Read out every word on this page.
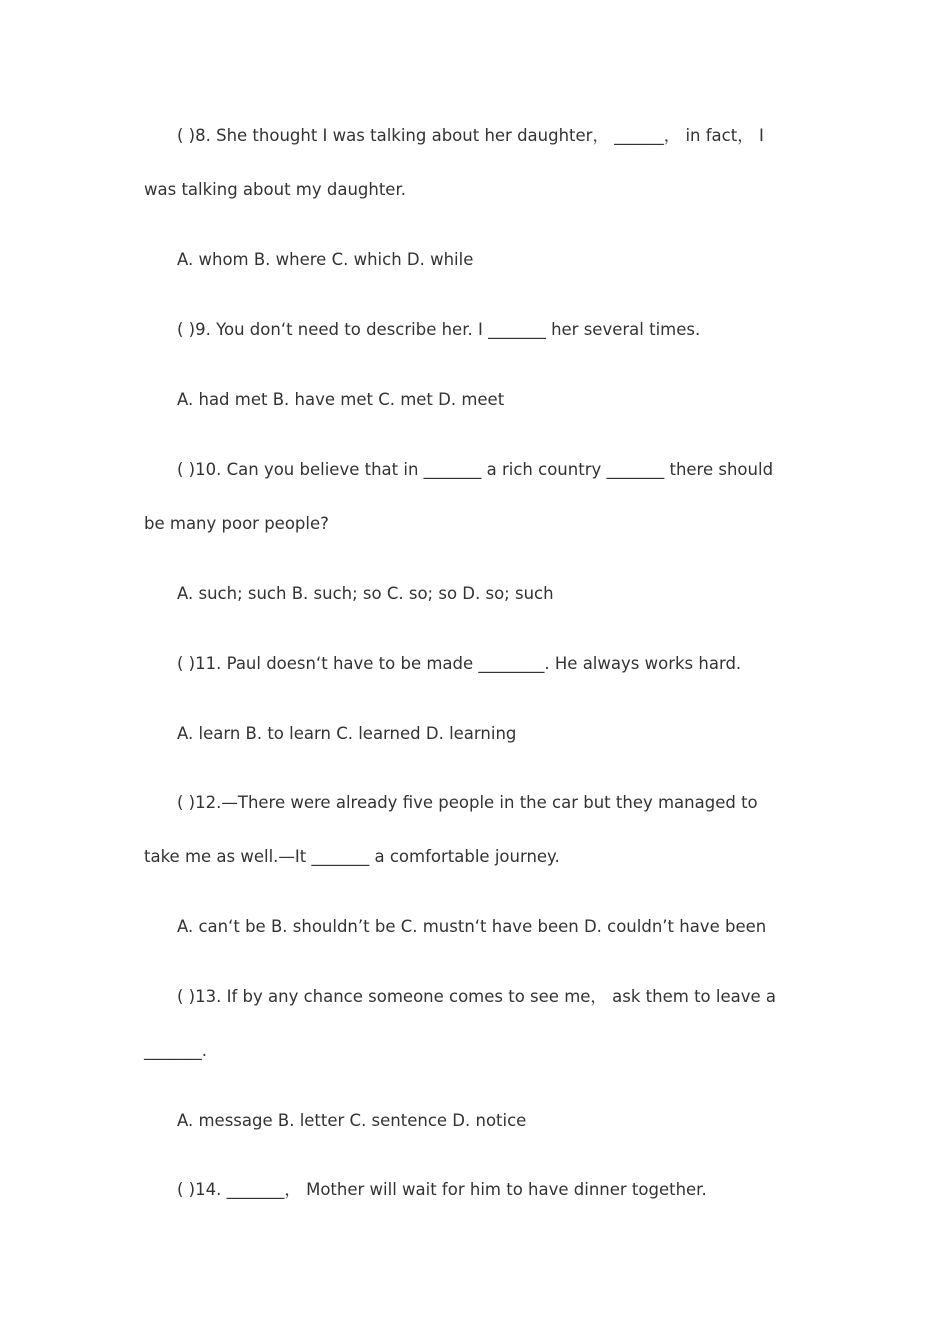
( )8. She thought I was talking about her daughter， ______， in fact， I
was talking about my daughter.
A. whom B. where C. which D. while
( )9. You don‘t need to describe her. I _______ her several times.
A. had met B. have met C. met D. meet
( )10. Can you believe that in _______ a rich country _______ there should
be many poor people?
A. such; such B. such; so C. so; so D. so; such
( )11. Paul doesn‘t have to be made ________. He always works hard.
A. learn B. to learn C. learned D. learning
( )12.—There were already five people in the car but they managed to
take me as well.—It _______ a comfortable journey.
A. can‘t be B. shouldn’t be C. mustn‘t have been D. couldn’t have been
( )13. If by any chance someone comes to see me， ask them to leave a
_______.
A. message B. letter C. sentence D. notice
( )14. _______， Mother will wait for him to have dinner together.
